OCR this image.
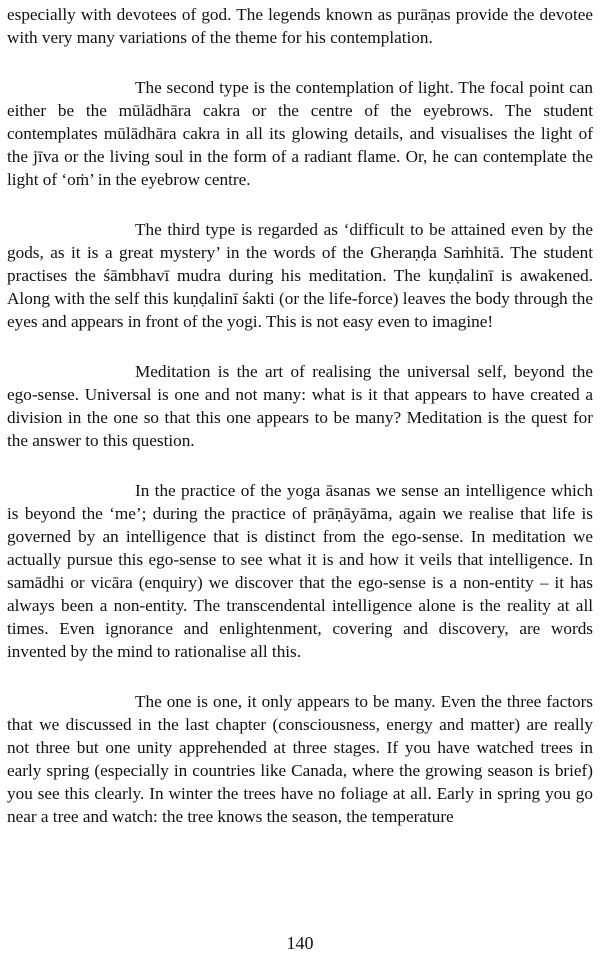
especially with devotees of god. The legends known as purāṇas provide the devotee with very many variations of the theme for his contemplation.

The second type is the contemplation of light. The focal point can either be the mūlādhāra cakra or the centre of the eyebrows. The student contemplates mūlādhāra cakra in all its glowing details, and visualises the light of the jīva or the living soul in the form of a radiant flame. Or, he can contemplate the light of ‘oṁ’ in the eyebrow centre.

The third type is regarded as ‘difficult to be attained even by the gods, as it is a great mystery’ in the words of the Gheraṇḍa Saṁhitā. The student practises the śāmbhavī mudra during his meditation. The kuṇḍalinī is awakened. Along with the self this kuṇḍalinī śakti (or the life-force) leaves the body through the eyes and appears in front of the yogi. This is not easy even to imagine!

Meditation is the art of realising the universal self, beyond the ego-sense. Universal is one and not many: what is it that appears to have created a division in the one so that this one appears to be many? Meditation is the quest for the answer to this question.

In the practice of the yoga āsanas we sense an intelligence which is beyond the ‘me’; during the practice of prāṇāyāma, again we realise that life is governed by an intelligence that is distinct from the ego-sense. In meditation we actually pursue this ego-sense to see what it is and how it veils that intelligence. In samādhi or vicāra (enquiry) we discover that the ego-sense is a non-entity – it has always been a non-entity. The transcendental intelligence alone is the reality at all times. Even ignorance and enlightenment, covering and discovery, are words invented by the mind to rationalise all this.

The one is one, it only appears to be many. Even the three factors that we discussed in the last chapter (consciousness, energy and matter) are really not three but one unity apprehended at three stages. If you have watched trees in early spring (especially in countries like Canada, where the growing season is brief) you see this clearly. In winter the trees have no foliage at all. Early in spring you go near a tree and watch: the tree knows the season, the temperature

140
